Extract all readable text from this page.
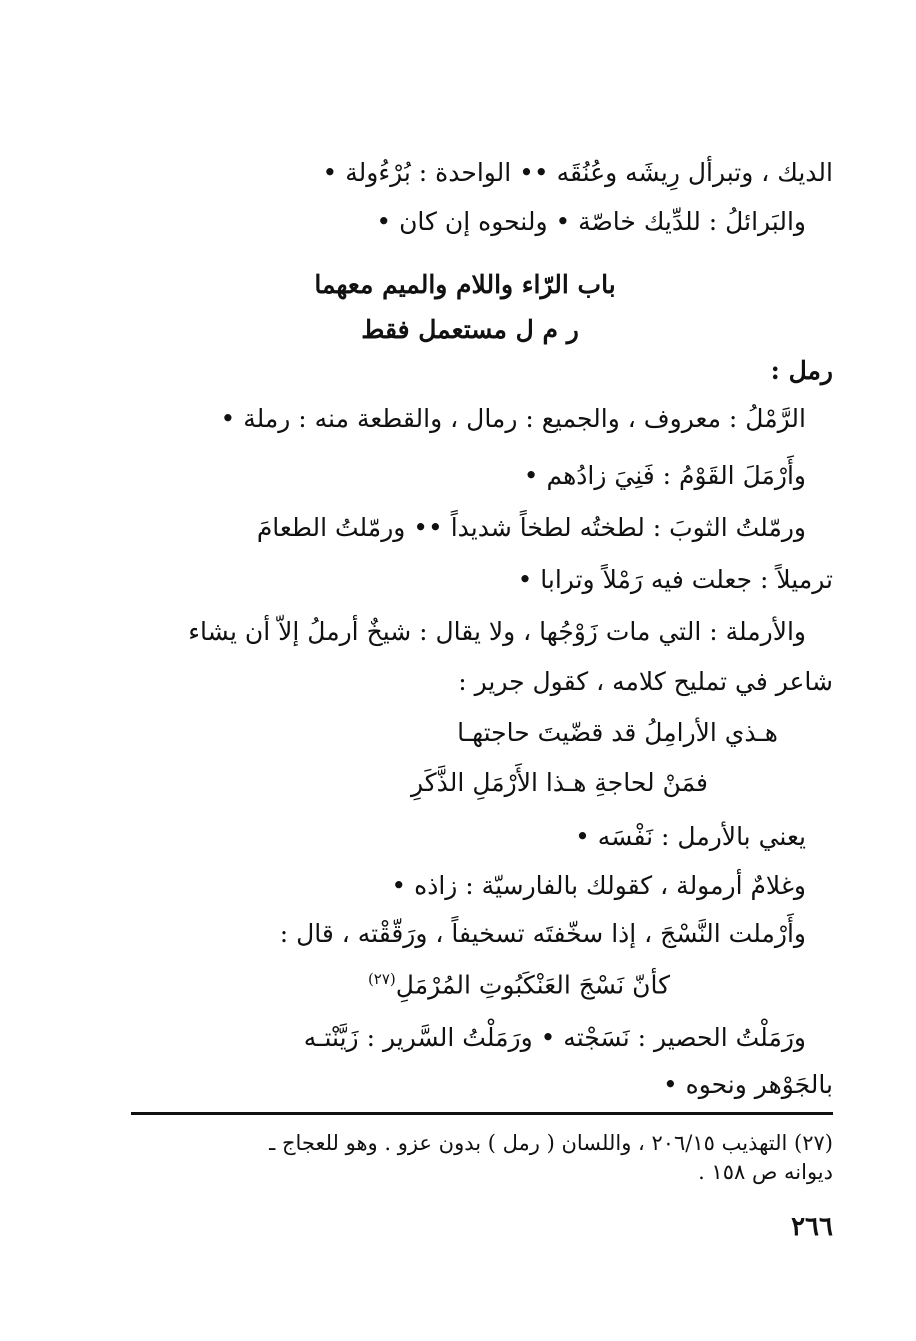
الديك ، وتبرأل رِيشَه وعُنُقَه •• الواحدة : بُرْءُولة •
والبَرائلُ : للدِّيك خاصّة • ولنحوه إن كان •
باب الرّاء واللام والميم معهما
ر م ل مستعمل فقط
رمل :
الرَّمْلُ : معروف ، والجميع : رمال ، والقطعة منه : رملة •
وأَرْمَلَ القَوْمُ : فَنِيَ زادُهم •
ورمّلتُ الثوبَ : لطختُه لطخاً شديداً •• ورمّلتُ الطعامَ
ترميلاً : جعلت فيه رَمْلاً وترابا •
والأرملة : التي مات زَوْجُها ، ولا يقال : شيخٌ أرملُ إلاّ أن يشاء
شاعر في تمليح كلامه ، كقول جرير :
هـذي الأرامِلُ قد قضّيتَ حاجتهـا
فمَنْ لحاجةِ هـذا الأَرْمَلِ الذَّكَرِ
يعني بالأرمل : نَفْسَه •
وغلامٌ أرمولة ، كقولك بالفارسيّة : زاذه •
وأَرْملت النَّسْجَ ، إذا سخّفتَه تسخيفاً ، ورَقّقْته ، قال :
كأنّ نَسْجَ العَنْكَبُوتِ المُرْمَلِ$^{(٢٧)}$
ورَمَلْتُ الحصير : نَسَجْته • ورَمَلْتُ السَّرير : زَيَّنْتـه
بالجَوْهر ونحوه •
(٢٧) التهذيب ٢٠٦/١٥ ، واللسان ( رمل ) بدون عزو . وهو للعجاج ـ
ديوانه ص ١٥٨ .
٢٦٦
